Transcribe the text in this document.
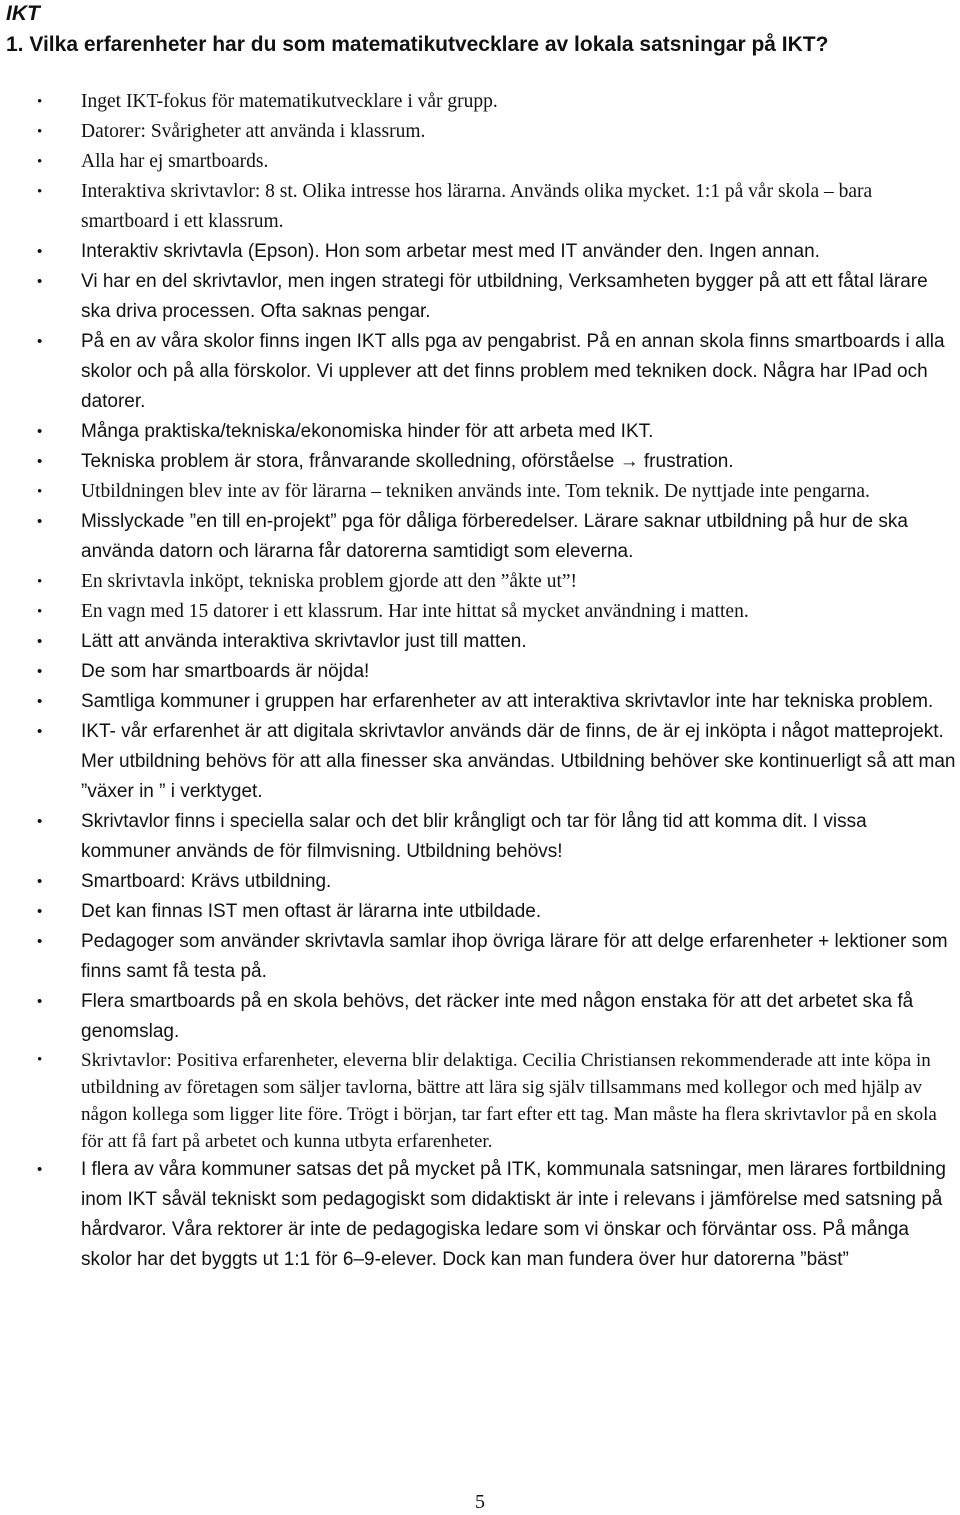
IKT

1. Vilka erfarenheter har du som matematikutvecklare av lokala satsningar på IKT?

• Inget IKT-fokus för matematikutvecklare i vår grupp.
• Datorer: Svårigheter att använda i klassrum.
• Alla har ej smartboards.
• Interaktiva skrivtavlor: 8 st. Olika intresse hos lärarna. Används olika mycket. 1:1 på vår skola – bara smartboard i ett klassrum.
• Interaktiv skrivtavla (Epson). Hon som arbetar mest med IT använder den. Ingen annan.
• Vi har en del skrivtavlor, men ingen strategi för utbildning, Verksamheten bygger på att ett fåtal lärare ska driva processen. Ofta saknas pengar.
• På en av våra skolor finns ingen IKT alls pga av pengabrist. På en annan skola finns smartboards i alla skolor och på alla förskolor. Vi upplever att det finns problem med tekniken dock. Några har IPad och datorer.
• Många praktiska/tekniska/ekonomiska hinder för att arbeta med IKT.
• Tekniska problem är stora, frånvarande skolledning, oförståelse → frustration.
• Utbildningen blev inte av för lärarna – tekniken används inte. Tom teknik. De nyttjade inte pengarna.
• Misslyckade ”en till en-projekt” pga för dåliga förberedelser. Lärare saknar utbildning på hur de ska använda datorn och lärarna får datorerna samtidigt som eleverna.
• En skrivtavla inköpt, tekniska problem gjorde att den ”åkte ut”!
• En vagn med 15 datorer i ett klassrum. Har inte hittat så mycket användning i matten.
• Lätt att använda interaktiva skrivtavlor just till matten.
• De som har smartboards är nöjda!
• Samtliga kommuner i gruppen har erfarenheter av att interaktiva skrivtavlor inte har tekniska problem.
• IKT- vår erfarenhet är att digitala skrivtavlor används där de finns, de är ej inköpta i något matteprojekt. Mer utbildning behövs för att alla finesser ska användas. Utbildning behöver ske kontinuerligt så att man ”växer in ” i verktyget.
• Skrivtavlor finns i speciella salar och det blir krångligt och tar för lång tid att komma dit. I vissa kommuner används de för filmvisning. Utbildning behövs!
• Smartboard: Krävs utbildning.
• Det kan finnas IST men oftast är lärarna inte utbildade.
• Pedagoger som använder skrivtavla samlar ihop övriga lärare för att delge erfarenheter + lektioner som finns samt få testa på.
• Flera smartboards på en skola behövs, det räcker inte med någon enstaka för att det arbetet ska få genomslag.
• Skrivtavlor: Positiva erfarenheter, eleverna blir delaktiga. Cecilia Christiansen rekommenderade att inte köpa in utbildning av företagen som säljer tavlorna, bättre att lära sig själv tillsammans med kollegor och med hjälp av någon kollega som ligger lite före. Trögt i början, tar fart efter ett tag. Man måste ha flera skrivtavlor på en skola för att få fart på arbetet och kunna utbyta erfarenheter.
• I flera av våra kommuner satsas det på mycket på ITK, kommunala satsningar, men lärares fortbildning inom IKT såväl tekniskt som pedagogiskt som didaktiskt är inte i relevans i jämförelse med satsning på hårdvaror. Våra rektorer är inte de pedagogiska ledare som vi önskar och förväntar oss. På många skolor har det byggts ut 1:1 för 6–9-elever. Dock kan man fundera över hur datorerna ”bäst”
5
